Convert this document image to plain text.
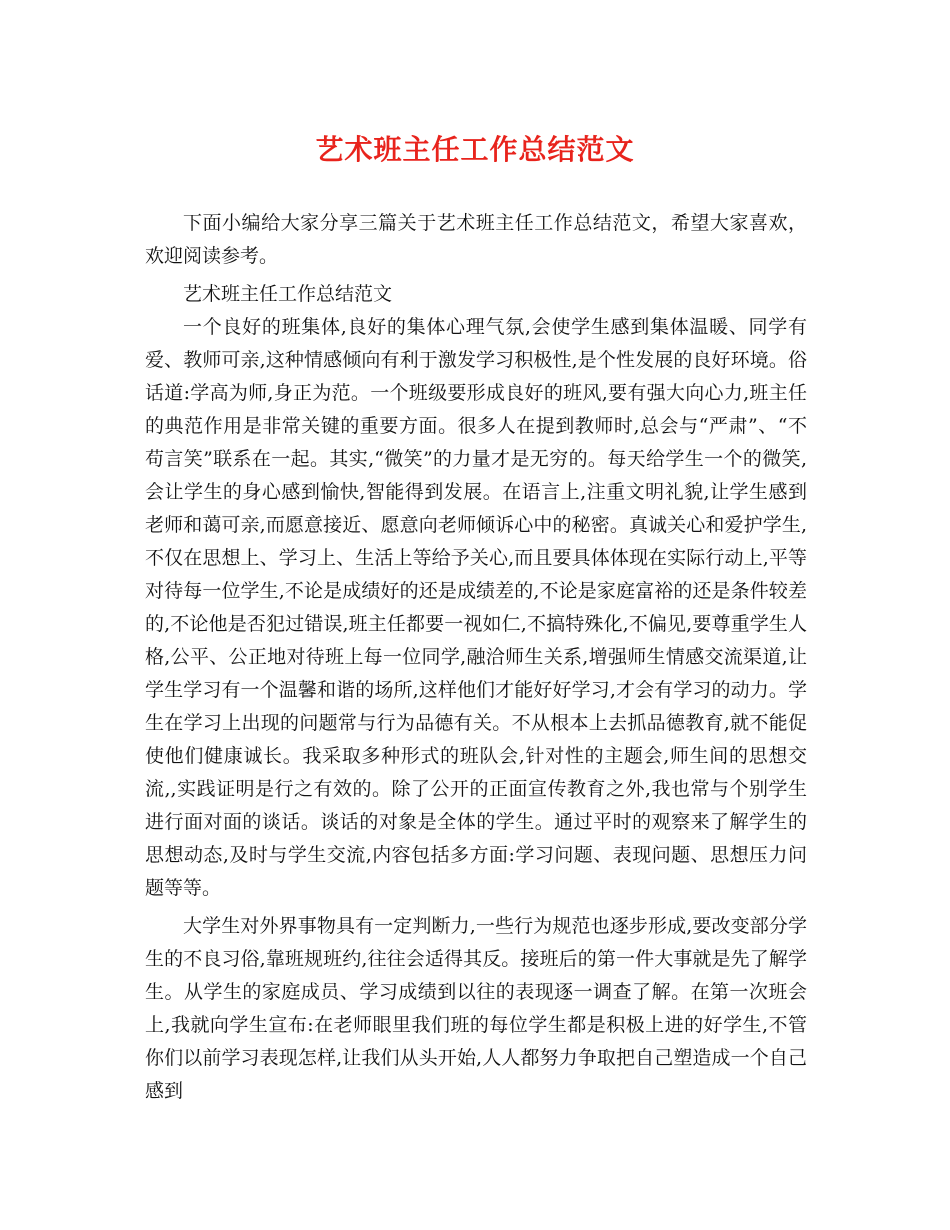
艺术班主任工作总结范文

下面小编给大家分享三篇关于艺术班主任工作总结范文，希望大家喜欢，欢迎阅读参考。

艺术班主任工作总结范文

一个良好的班集体,良好的集体心理气氛,会使学生感到集体温暖、同学有爱、教师可亲,这种情感倾向有利于激发学习积极性,是个性发展的良好环境。俗话道:学高为师,身正为范。一个班级要形成良好的班风,要有强大向心力,班主任的典范作用是非常关键的重要方面。很多人在提到教师时,总会与“严肃”、“不苟言笑”联系在一起。其实,“微笑”的力量才是无穷的。每天给学生一个的微笑,会让学生的身心感到愉快,智能得到发展。在语言上,注重文明礼貌,让学生感到老师和蔼可亲,而愿意接近、愿意向老师倾诉心中的秘密。真诚关心和爱护学生,不仅在思想上、学习上、生活上等给予关心,而且要具体体现在实际行动上,平等对待每一位学生,不论是成绩好的还是成绩差的,不论是家庭富裕的还是条件较差的,不论他是否犯过错误,班主任都要一视如仁,不搞特殊化,不偏见,要尊重学生人格,公平、公正地对待班上每一位同学,融洽师生关系,增强师生情感交流渠道,让学生学习有一个温馨和谐的场所,这样他们才能好好学习,才会有学习的动力。学生在学习上出现的问题常与行为品德有关。不从根本上去抓品德教育,就不能促使他们健康诚长。我采取多种形式的班队会,针对性的主题会,师生间的思想交流,,实践证明是行之有效的。除了公开的正面宣传教育之外,我也常与个别学生进行面对面的谈话。谈话的对象是全体的学生。通过平时的观察来了解学生的思想动态,及时与学生交流,内容包括多方面:学习问题、表现问题、思想压力问题等等。

大学生对外界事物具有一定判断力,一些行为规范也逐步形成,要改变部分学生的不良习俗,靠班规班约,往往会适得其反。接班后的第一件大事就是先了解学生。从学生的家庭成员、学习成绩到以往的表现逐一调查了解。在第一次班会上,我就向学生宣布:在老师眼里我们班的每位学生都是积极上进的好学生,不管你们以前学习表现怎样,让我们从头开始,人人都努力争取把自己塑造成一个自己感到
